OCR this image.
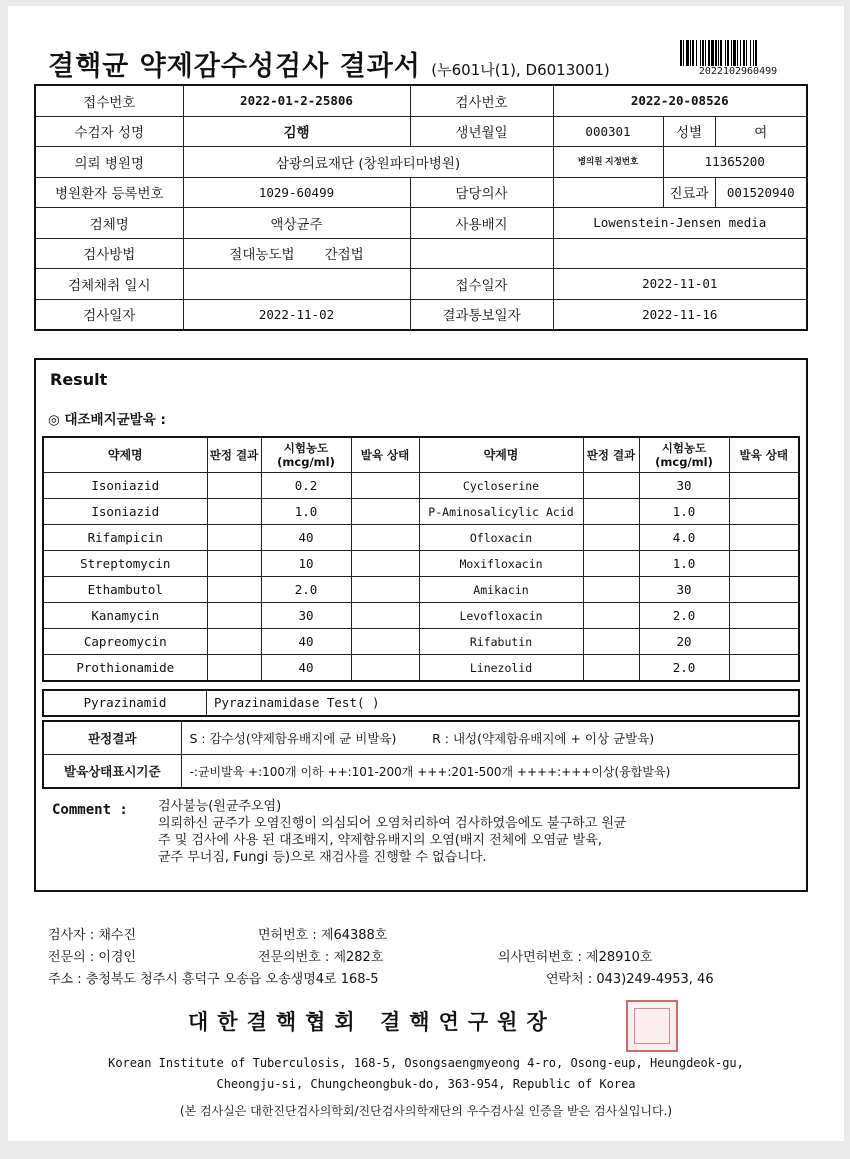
결핵균 약제감수성검사 결과서 (누601나(1), D6013001)	2022102960499
접수번호	2022-01-2-25806	검사번호	2022-20-08526		
수검자 성명	김행	생년월일	000301	성별	여
의뢰 병원명	삼광의료재단 (창원파티마병원)		병의원 지정번호	11365200	
병원환자 등록번호	1029-60499	담당의사		진료과	001520940
검체명	액상균주	사용배지	Lowenstein-Jensen media		
검사방법	절대농도법 간접법				
검체채취 일시		접수일자	2022-11-01		
검사일자	2022-11-02	결과통보일자	2022-11-16		
Result
◎ 대조배지균발육 :
약제명	판정 결과	시험농도 (mcg/ml)	발육 상태	약제명	판정 결과	시험농도 (mcg/ml)	발육 상태
Isoniazid		0.2		Cycloserine		30	
Isoniazid		1.0		P-Aminosalicylic Acid		1.0	
Rifampicin		40		Ofloxacin		4.0	
Streptomycin		10		Moxifloxacin		1.0	
Ethambutol		2.0		Amikacin		30	
Kanamycin		30		Levofloxacin		2.0	
Capreomycin		40		Rifabutin		20	
Prothionamide		40		Linezolid		2.0	
Pyrazinamid	Pyrazinamidase Test( )
판정결과	S : 감수성(약제함유배지에 균 비발육) R : 내성(약제함유배지에 + 이상 균발육)
발육상태표시기준	-:균비발육 +:100개 이하 ++:101-200개 +++:201-500개 ++++:+++이상(융합발육)
Comment : 검사불능(원균주오염)
의뢰하신 균주가 오염진행이 의심되어 오염처리하여 검사하였음에도 불구하고 원균
주 및 검사에 사용 된 대조배지, 약제함유배지의 오염(배지 전체에 오염균 발육,
균주 무너짐, Fungi 등)으로 재검사를 진행할 수 없습니다.
검사자 : 채수진	면허번호 : 제64388호
전문의 : 이경인	전문의번호 : 제282호	의사면허번호 : 제28910호
주소 : 충청북도 청주시 흥덕구 오송읍 오송생명4로 168-5	연락처 : 043)249-4953, 46
대한결핵협회 결핵연구원장
Korean Institute of Tuberculosis, 168-5, Osongsaengmyeong 4-ro, Osong-eup, Heungdeok-gu,
Cheongju-si, Chungcheongbuk-do, 363-954, Republic of Korea
(본 검사실은 대한진단검사의학회/진단검사의학재단의 우수검사실 인증을 받은 검사실입니다.)
